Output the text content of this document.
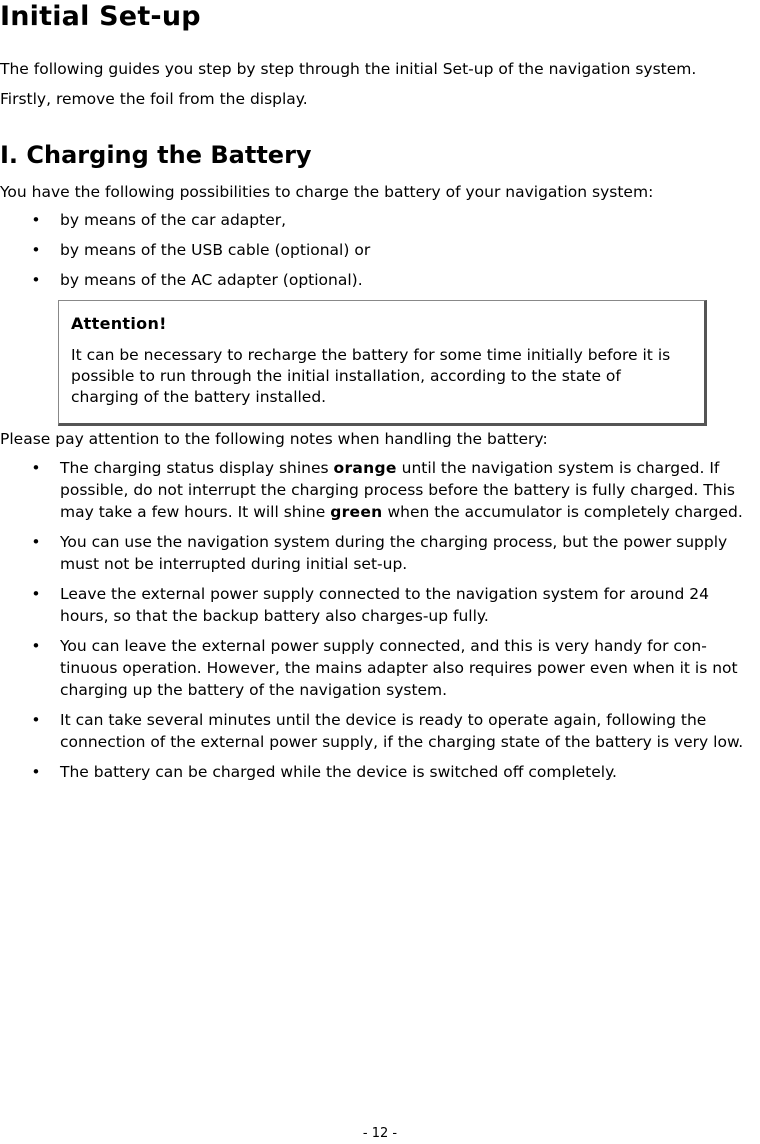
Initial Set-up

The following guides you step by step through the initial Set-up of the navigation system.

Firstly, remove the foil from the display.

I. Charging the Battery

You have the following possibilities to charge the battery of your navigation system:

• by means of the car adapter,
• by means of the USB cable (optional) or
• by means of the AC adapter (optional).
Attention!
It can be necessary to recharge the battery for some time initially before it is possible to run through the initial installation, according to the state of charging of the battery installed.

Please pay attention to the following notes when handling the battery:

• The charging status display shines orange until the navigation system is charged. If possible, do not interrupt the charging process before the battery is fully charged. This may take a few hours. It will shine green when the accumulator is completely charged.
• You can use the navigation system during the charging process, but the power supply must not be interrupted during initial set-up.
• Leave the external power supply connected to the navigation system for around 24 hours, so that the backup battery also charges-up fully.
• You can leave the external power supply connected, and this is very handy for con-tinuous operation. However, the mains adapter also requires power even when it is not charging up the battery of the navigation system.
• It can take several minutes until the device is ready to operate again, following the connection of the external power supply, if the charging state of the battery is very low.
• The battery can be charged while the device is switched off completely.
- 12 -
